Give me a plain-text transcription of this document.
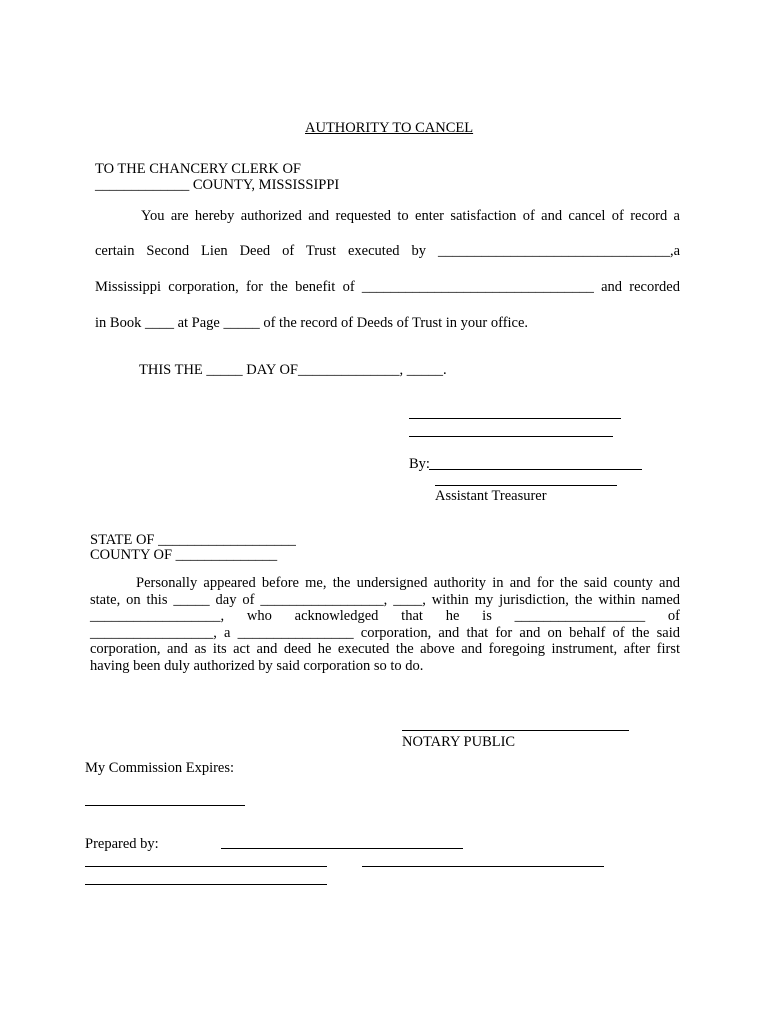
AUTHORITY TO CANCEL
TO THE CHANCERY CLERK OF
_____________ COUNTY, MISSISSIPPI
You are hereby authorized and requested to enter satisfaction of and cancel of record a
certain Second Lien Deed of Trust executed by ________________________________,a
Mississippi corporation, for the benefit of ________________________________ and recorded
in Book ____ at Page _____ of the record of Deeds of Trust in your office.
THIS THE _____ DAY OF______________, _____.
By:
Assistant Treasurer
STATE OF ___________________
COUNTY OF ______________
Personally appeared before me, the undersigned authority in and for the said county and
state, on this _____ day of _________________, ____, within my jurisdiction, the within named
__________________, who acknowledged that he is __________________ of
_________________, a ________________ corporation, and that for and on behalf of the said
corporation, and as its act and deed he executed the above and foregoing instrument, after first
having been duly authorized by said corporation so to do.
NOTARY PUBLIC
My Commission Expires:
Prepared by:
